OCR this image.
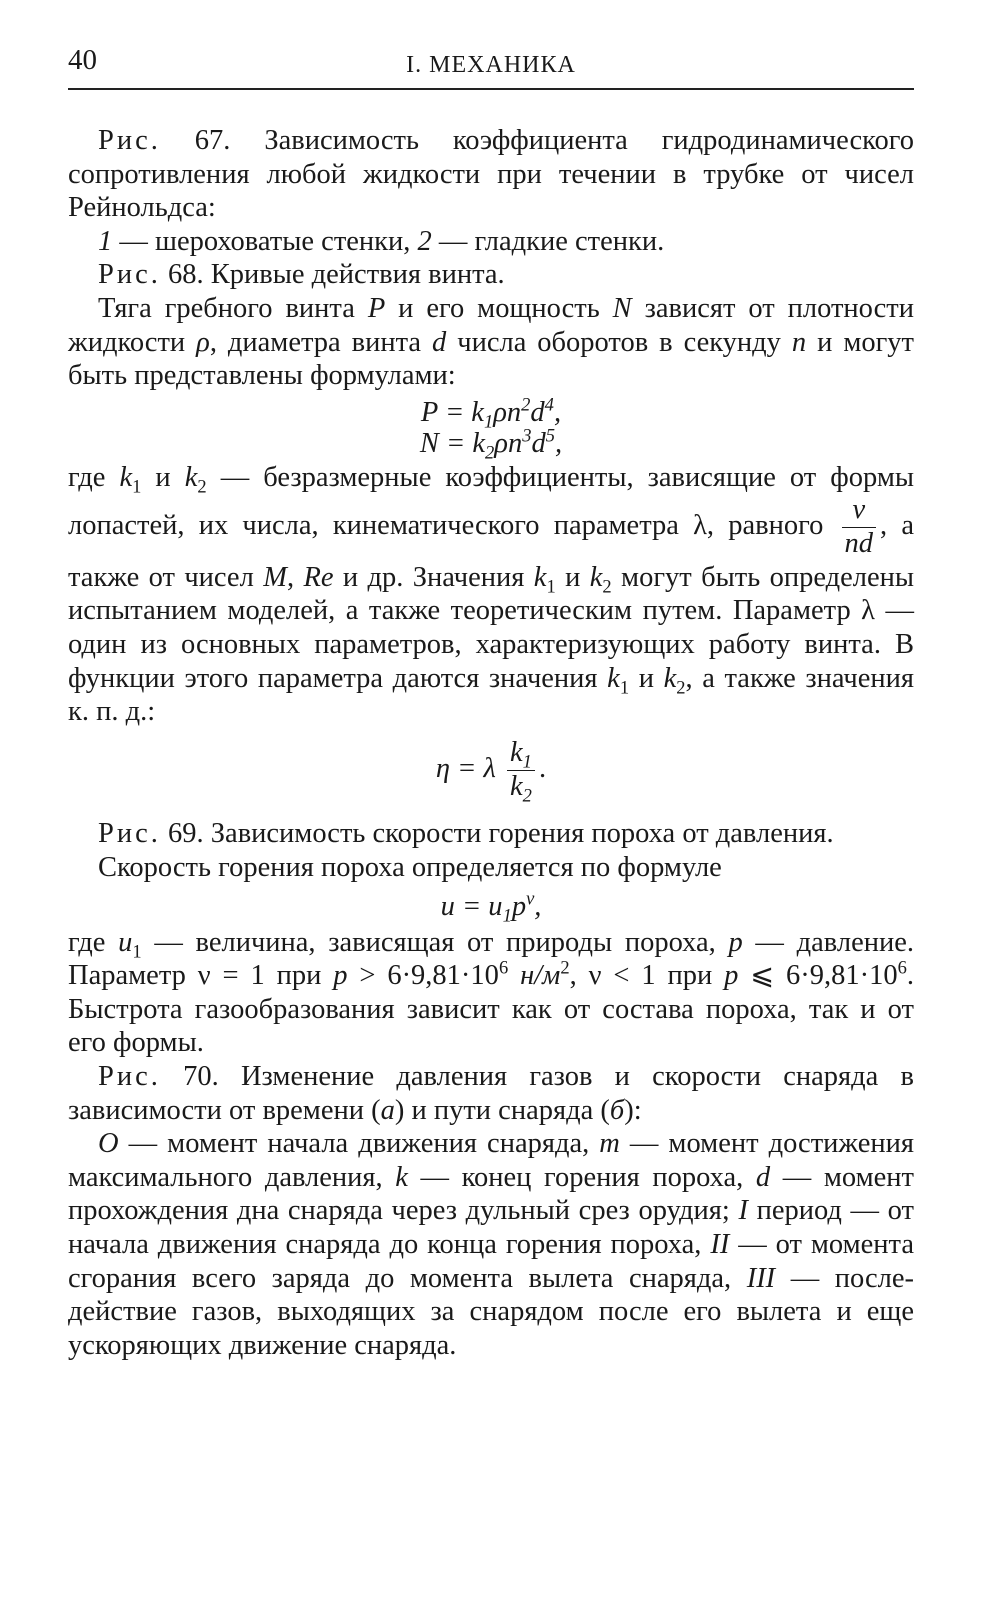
40	I. МЕХАНИКА

Рис. 67. Зависимость коэффициента гидродинамического сопротивления любой жидкости при течении в трубке от чисел Рейнольдса:

1 — шероховатые стенки, 2 — гладкие стенки.

Рис. 68. Кривые действия винта.

Тяга гребного винта P и его мощность N зависят от плотности жидкости ρ, диаметра винта d числа оборотов в секунду n и могут быть представлены формулами:

$P = k_1\rho n^2d^4$,
$N = k_2\rho n^3d^5$,

где $k_1$ и $k_2$ — безразмерные коэффициенты, зависящие от формы лопастей, их числа, кинематического параметра λ, равного $\frac{v}{nd}$ , а также от чисел M, Re и др. Значения $k_1$ и $k_2$ могут быть определены испытанием моделей, а также теоретическим путем. Параметр λ — один из основных параметров, характеризующих работу винта. В функции этого параметра даются значения $k_1$ и $k_2$, а также значения к. п. д.:

η = λ $\frac{k_1}{k_2}$ .

Рис. 69. Зависимость скорости горения пороха от давления.

Скорость горения пороха определяется по формуле

$u = u_1p^\nu$,

где $u_1$ — величина, зависящая от природы пороха, p — давление. Параметр ν = 1 при $p > 6\cdot 9,81\cdot 10^6$ $н/м^2$, ν < 1 при p ⩽ $6\cdot 9,81\cdot 10^6$. Быстрота газообразования зависит как от состава пороха, так и от его формы.

Рис. 70. Изменение давления газов и скорости снаряда в зависимости от времени (а) и пути снаряда (б):

O — момент начала движения снаряда, m — момент достижения максимального давления, k — конец горения пороха, d — момент прохождения дна снаряда через дульный срез орудия; I период — от начала движения снаряда до конца горения пороха, II — от момента сгорания всего заряда до момента вылета снаряда, III — последействие газов, выходящих за снарядом после его вылета и еще ускоряющих движение снаряда.
